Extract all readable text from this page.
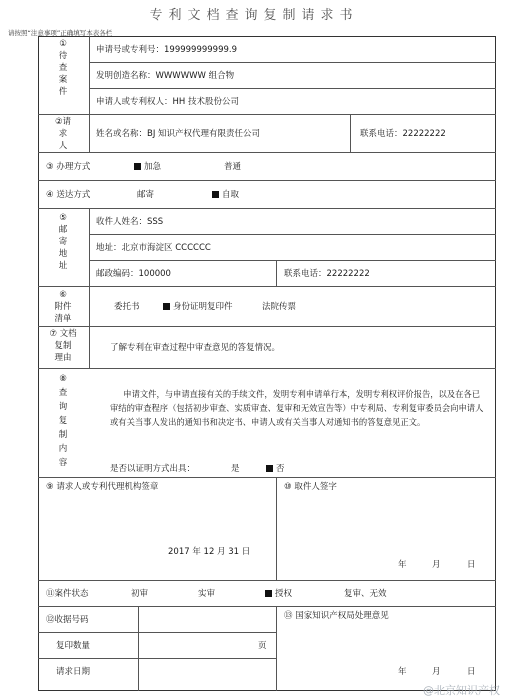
专利文档查询复制请求书
请按照“注意事项”正确填写本表各栏
①
待
查
案
件
申请号或专利号：199999999999.9
发明创造名称：WWWWWW 组合物
申请人或专利权人：HH 技术股份公司
②请
求
人
姓名或名称：BJ 知识产权代理有限责任公司	联系电话：22222222
③ 办理方式	加急	普通
④ 送达方式	邮寄	自取
⑤
邮
寄
地
址
收件人姓名：SSS
地址：北京市海淀区 CCCCCC
邮政编码：100000	联系电话：22222222
⑥
附件
清单
委托书	身份证明复印件	法院传票
⑦ 文档
复制
理由
了解专利在审查过程中审查意见的答复情况。
⑧
查
询
复
制
内
容
申请文件，与申请直接有关的手续文件，发明专利申请单行本，发明专利权评价报告，以及在各已审结的审查程序（包括初步审查、实质审查、复审和无效宣告等）中专利局、专利复审委员会向申请人或有关当事人发出的通知书和决定书、申请人或有关当事人对通知书的答复意见正文。
是否以证明方式出具：	是	否
⑨ 请求人或专利代理机构签章
2017 年 12 月 31 日
⑩ 取件人签字
年	月	日
⑪案件状态	初审	实审	授权	复审、无效
⑫收据号码
复印数量	页
请求日期
⑬ 国家知识产权局处理意见
年	月	日
@北京知识产权
